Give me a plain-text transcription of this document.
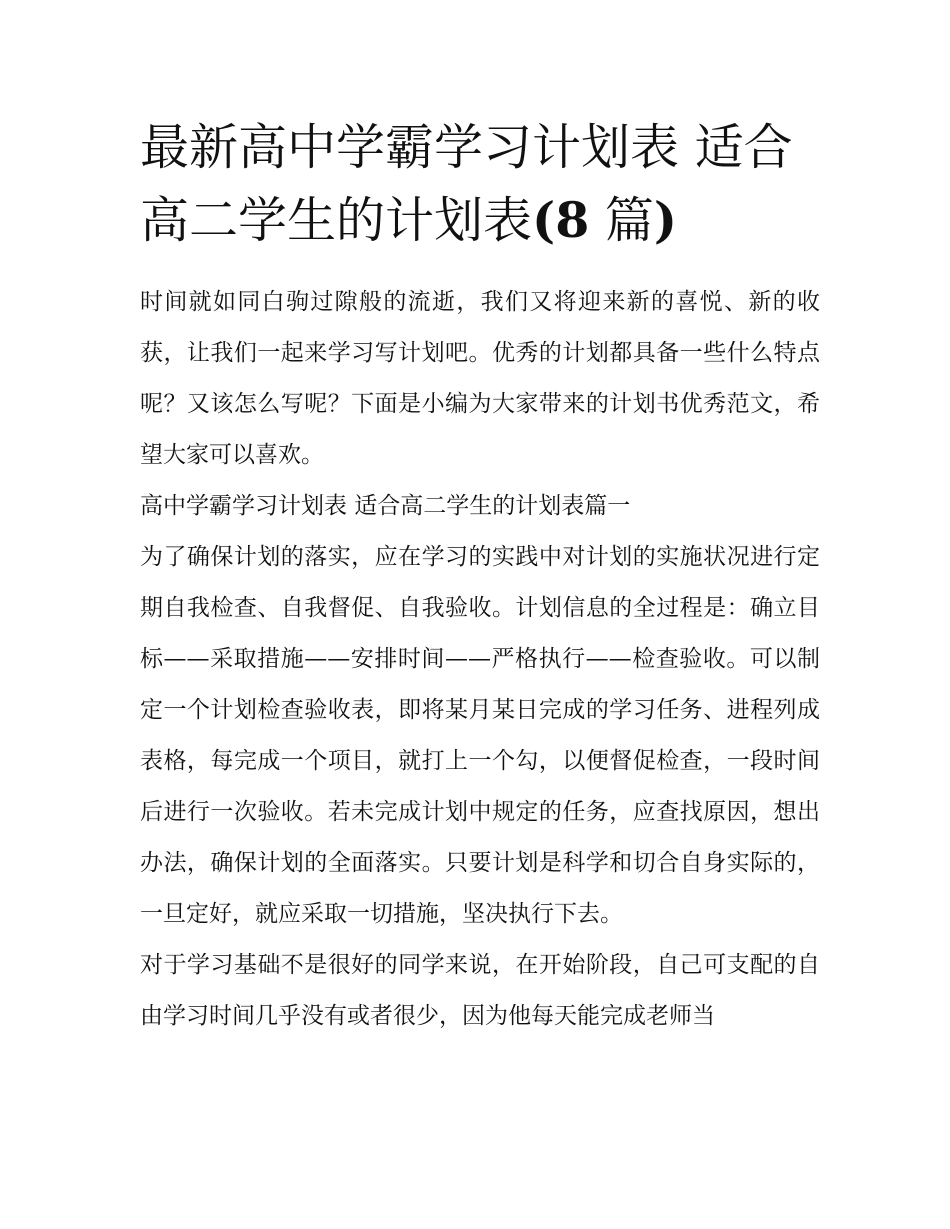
最新高中学霸学习计划表 适合高二学生的计划表(8 篇)

时间就如同白驹过隙般的流逝，我们又将迎来新的喜悦、新的收获，让我们一起来学习写计划吧。优秀的计划都具备一些什么特点呢？又该怎么写呢？下面是小编为大家带来的计划书优秀范文，希望大家可以喜欢。

高中学霸学习计划表 适合高二学生的计划表篇一

为了确保计划的落实，应在学习的实践中对计划的实施状况进行定期自我检查、自我督促、自我验收。计划信息的全过程是：确立目标——采取措施——安排时间——严格执行——检查验收。可以制定一个计划检查验收表，即将某月某日完成的学习任务、进程列成表格，每完成一个项目，就打上一个勾，以便督促检查，一段时间后进行一次验收。若未完成计划中规定的任务，应查找原因，想出办法，确保计划的全面落实。只要计划是科学和切合自身实际的，一旦定好，就应采取一切措施，坚决执行下去。

对于学习基础不是很好的同学来说，在开始阶段，自己可支配的自由学习时间几乎没有或者很少，因为他每天能完成老师当
